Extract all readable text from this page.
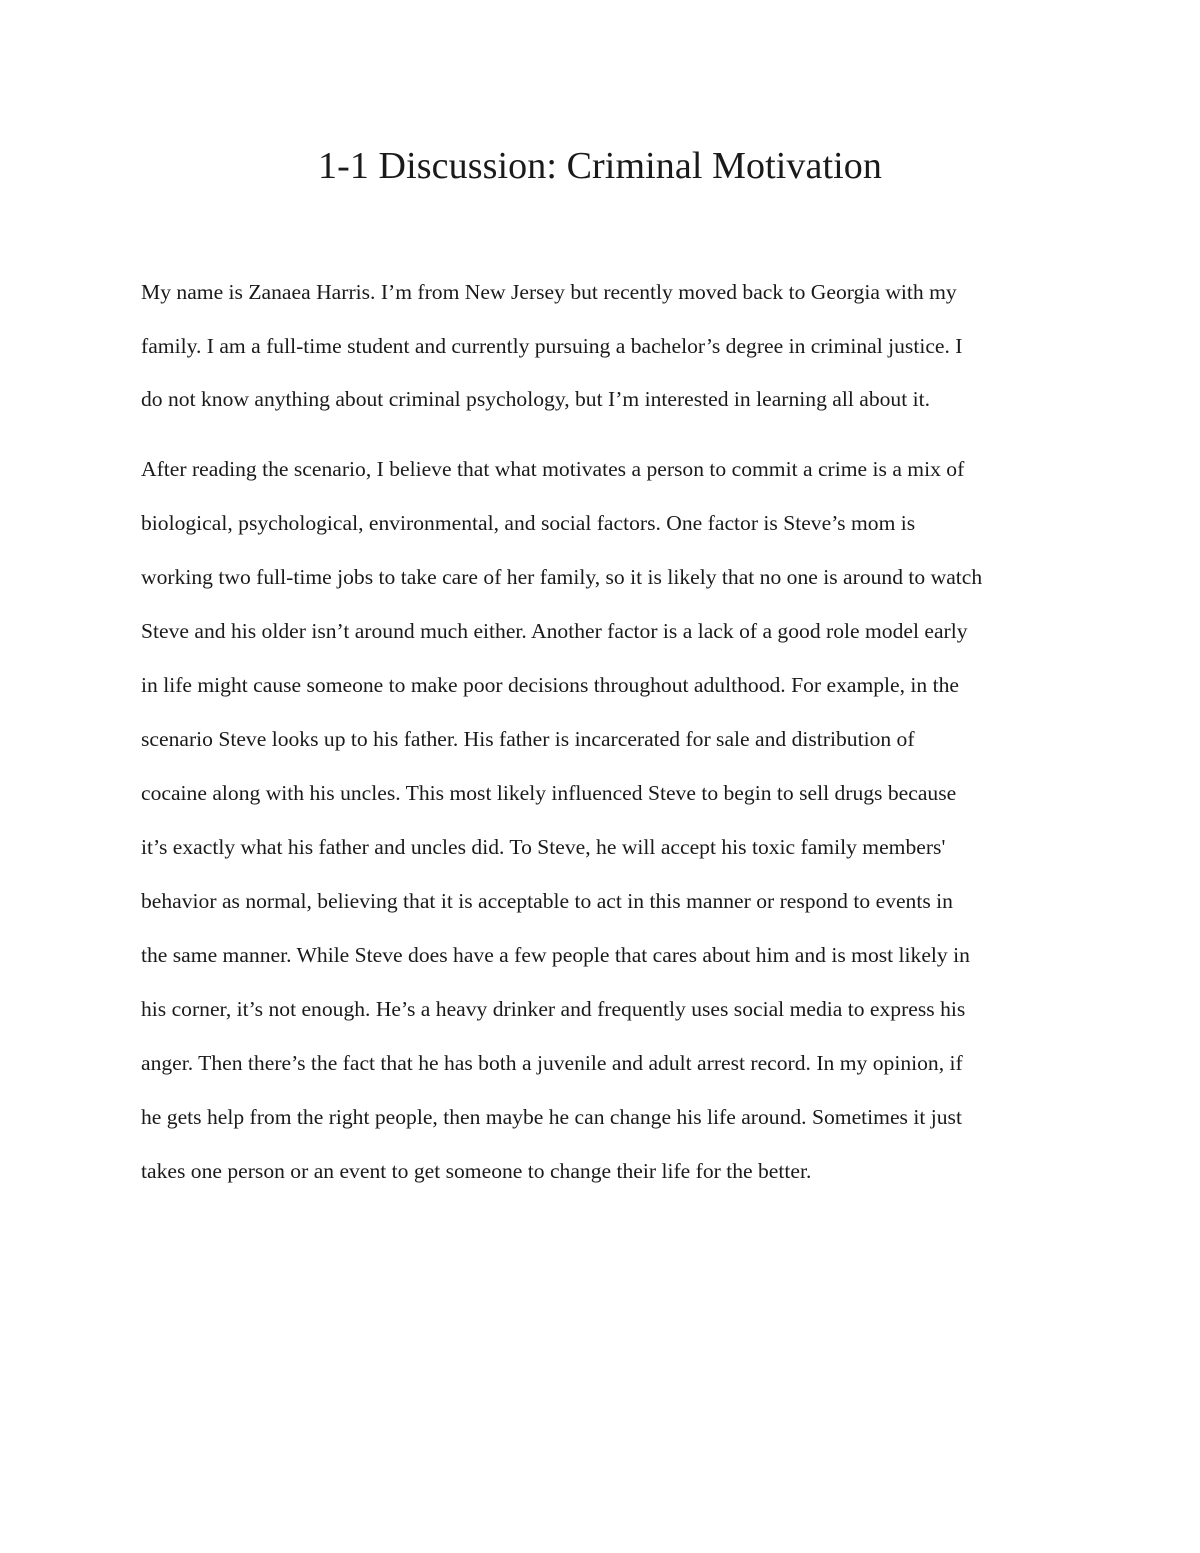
1-1 Discussion: Criminal Motivation

My name is Zanaea Harris. I’m from New Jersey but recently moved back to Georgia with my

family. I am a full-time student and currently pursuing a bachelor’s degree in criminal justice. I

do not know anything about criminal psychology, but I’m interested in learning all about it.

After reading the scenario, I believe that what motivates a person to commit a crime is a mix of

biological, psychological, environmental, and social factors. One factor is Steve’s mom is

working two full-time jobs to take care of her family, so it is likely that no one is around to watch

Steve and his older isn’t around much either. Another factor is a lack of a good role model early

in life might cause someone to make poor decisions throughout adulthood. For example, in the

scenario Steve looks up to his father. His father is incarcerated for sale and distribution of

cocaine along with his uncles. This most likely influenced Steve to begin to sell drugs because

it’s exactly what his father and uncles did. To Steve, he will accept his toxic family members'

behavior as normal, believing that it is acceptable to act in this manner or respond to events in

the same manner. While Steve does have a few people that cares about him and is most likely in

his corner, it’s not enough. He’s a heavy drinker and frequently uses social media to express his

anger. Then there’s the fact that he has both a juvenile and adult arrest record. In my opinion, if

he gets help from the right people, then maybe he can change his life around. Sometimes it just

takes one person or an event to get someone to change their life for the better.
